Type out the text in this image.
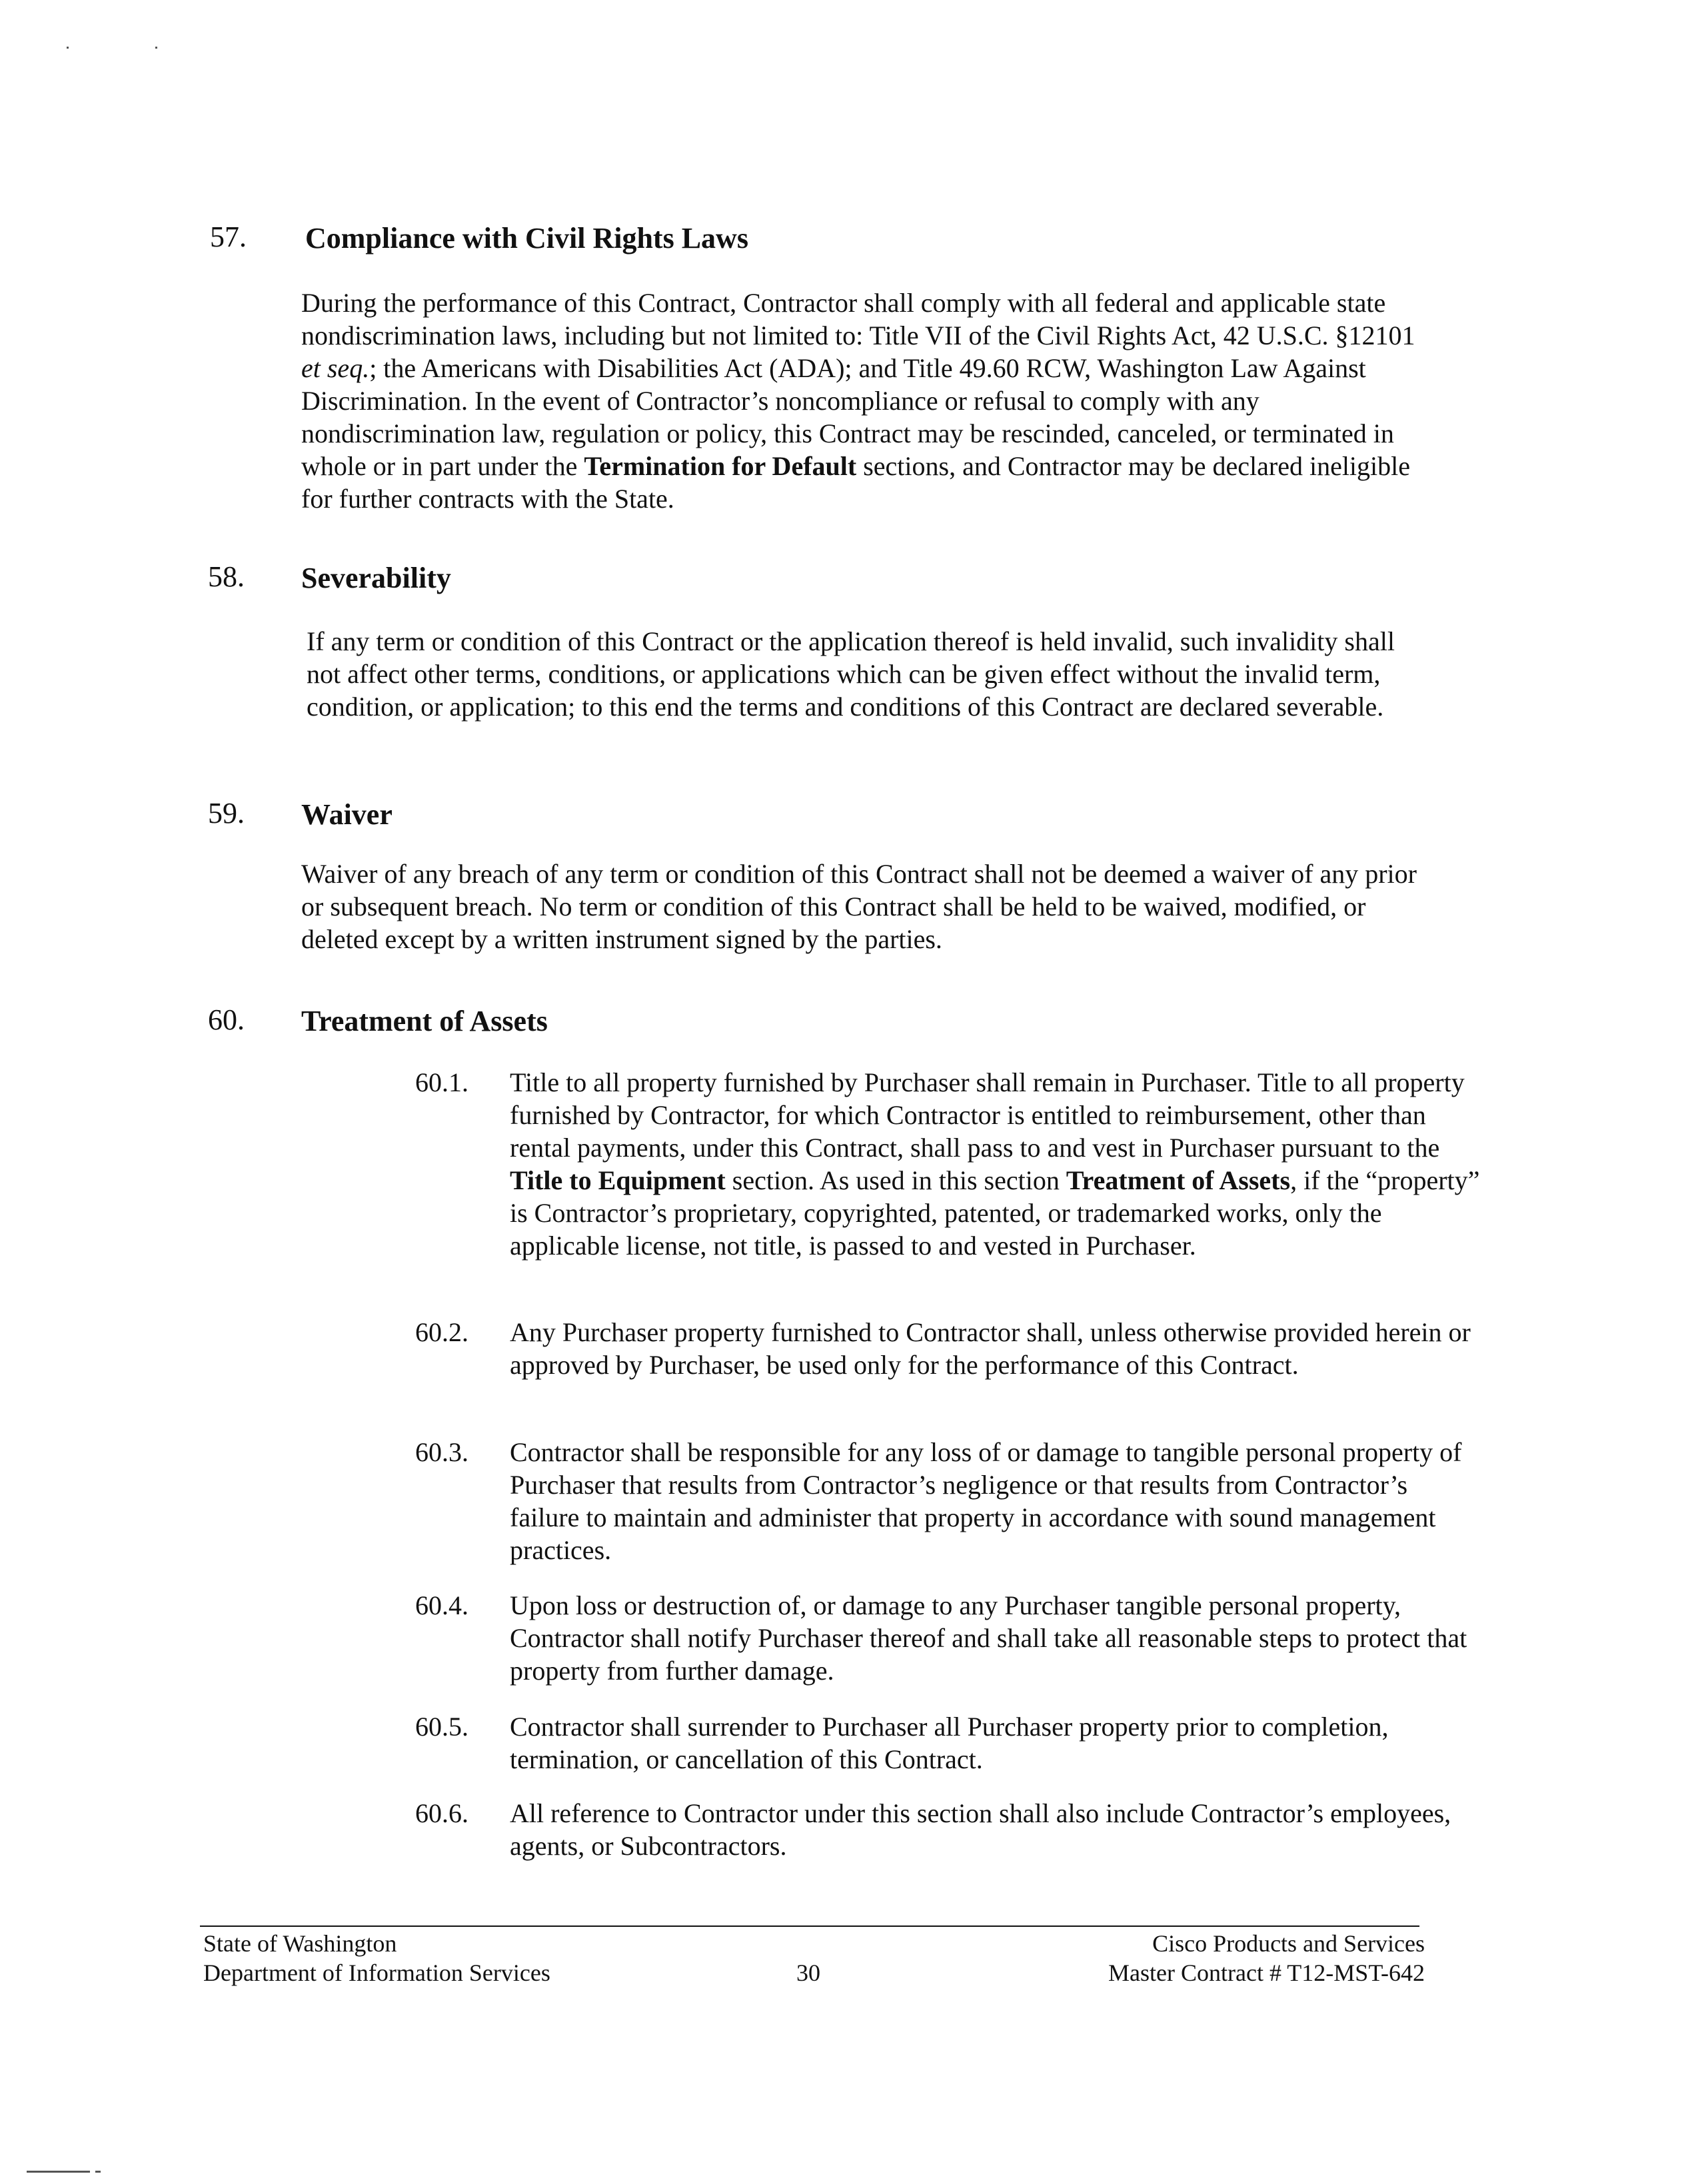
57. Compliance with Civil Rights Laws
During the performance of this Contract, Contractor shall comply with all federal and applicable state nondiscrimination laws, including but not limited to: Title VII of the Civil Rights Act, 42 U.S.C. §12101 et seq.; the Americans with Disabilities Act (ADA); and Title 49.60 RCW, Washington Law Against Discrimination. In the event of Contractor’s noncompliance or refusal to comply with any nondiscrimination law, regulation or policy, this Contract may be rescinded, canceled, or terminated in whole or in part under the Termination for Default sections, and Contractor may be declared ineligible for further contracts with the State.
58. Severability
If any term or condition of this Contract or the application thereof is held invalid, such invalidity shall not affect other terms, conditions, or applications which can be given effect without the invalid term, condition, or application; to this end the terms and conditions of this Contract are declared severable.
59. Waiver
Waiver of any breach of any term or condition of this Contract shall not be deemed a waiver of any prior or subsequent breach. No term or condition of this Contract shall be held to be waived, modified, or deleted except by a written instrument signed by the parties.
60. Treatment of Assets
60.1. Title to all property furnished by Purchaser shall remain in Purchaser. Title to all property furnished by Contractor, for which Contractor is entitled to reimbursement, other than rental payments, under this Contract, shall pass to and vest in Purchaser pursuant to the Title to Equipment section. As used in this section Treatment of Assets, if the “property” is Contractor’s proprietary, copyrighted, patented, or trademarked works, only the applicable license, not title, is passed to and vested in Purchaser.
60.2. Any Purchaser property furnished to Contractor shall, unless otherwise provided herein or approved by Purchaser, be used only for the performance of this Contract.
60.3. Contractor shall be responsible for any loss of or damage to tangible personal property of Purchaser that results from Contractor’s negligence or that results from Contractor’s failure to maintain and administer that property in accordance with sound management practices.
60.4. Upon loss or destruction of, or damage to any Purchaser tangible personal property, Contractor shall notify Purchaser thereof and shall take all reasonable steps to protect that property from further damage.
60.5. Contractor shall surrender to Purchaser all Purchaser property prior to completion, termination, or cancellation of this Contract.
60.6. All reference to Contractor under this section shall also include Contractor’s employees, agents, or Subcontractors.
State of Washington
Department of Information Services	30
Cisco Products and Services
Master Contract # T12-MST-642
